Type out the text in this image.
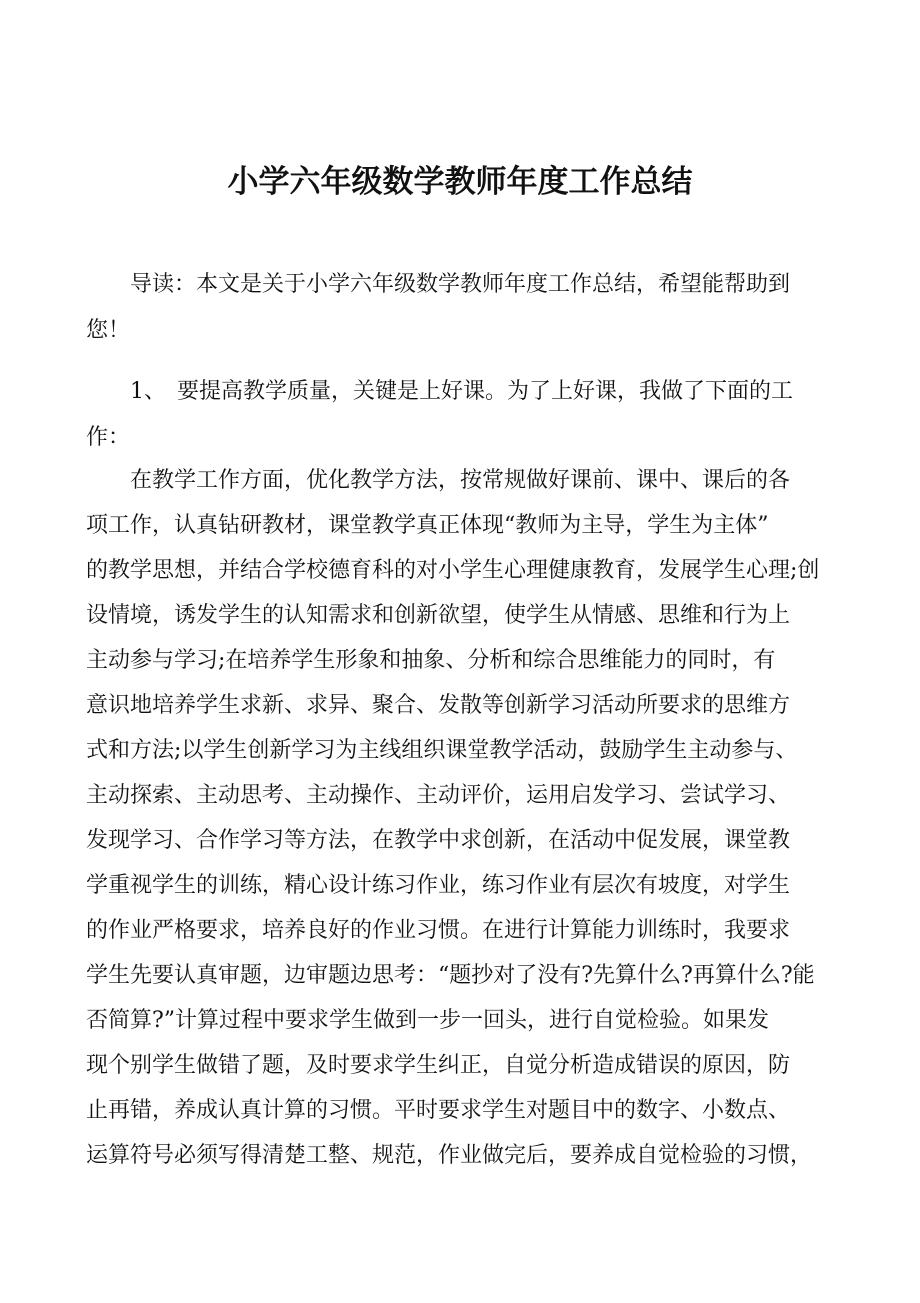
小学六年级数学教师年度工作总结
导读：本文是关于小学六年级数学教师年度工作总结，希望能帮助到
您！
1、　要提高教学质量，关键是上好课。为了上好课，我做了下面的工
作：
在教学工作方面，优化教学方法，按常规做好课前、课中、课后的各
项工作，认真钻研教材，课堂教学真正体现“教师为主导，学生为主体”
的教学思想，并结合学校德育科的对小学生心理健康教育，发展学生心理;创
设情境，诱发学生的认知需求和创新欲望，使学生从情感、思维和行为上
主动参与学习;在培养学生形象和抽象、分析和综合思维能力的同时，有
意识地培养学生求新、求异、聚合、发散等创新学习活动所要求的思维方
式和方法;以学生创新学习为主线组织课堂教学活动，鼓励学生主动参与、
主动探索、主动思考、主动操作、主动评价，运用启发学习、尝试学习、
发现学习、合作学习等方法，在教学中求创新，在活动中促发展，课堂教
学重视学生的训练，精心设计练习作业，练习作业有层次有坡度，对学生
的作业严格要求，培养良好的作业习惯。在进行计算能力训练时，我要求
学生先要认真审题，边审题边思考：“题抄对了没有?先算什么?再算什么?能
否简算?”计算过程中要求学生做到一步一回头，进行自觉检验。如果发
现个别学生做错了题，及时要求学生纠正，自觉分析造成错误的原因，防
止再错，养成认真计算的习惯。平时要求学生对题目中的数字、小数点、
运算符号必须写得清楚工整、规范，作业做完后，要养成自觉检验的习惯，
